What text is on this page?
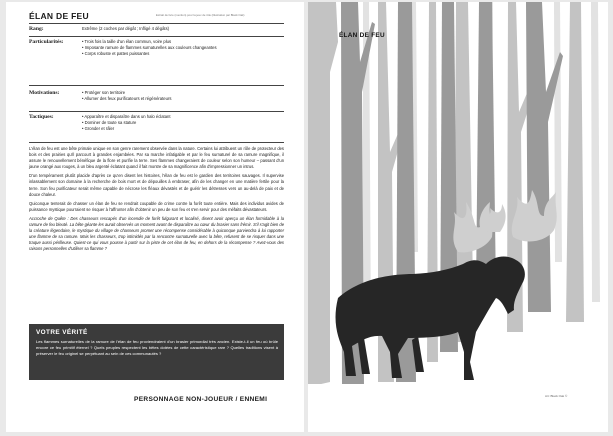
ÉLAN DE FEU	Extrait de livre (mention) pour la jeux de rôle (illustration par Black Oak)
Rang:	Extrême (2 coches par dégât ; Infligé 4 dégâts)
Particularités:	• Trois fois la taille d'un élan commun, voire plus
• Imposante ramure de flammes surnaturelles aux couleurs changeantes
• Corps robuste et pattes puissantes
Motivations:	• Protéger son territoire
• Allumer des feux purificateurs et régénérateurs
Tactiques:	• Apparaître et disparaître dans un halo éclatant
• Dominer de toute sa stature
• Gronder et râler

L'élan de feu est une bête primale unique en son genre rarement observée dans la nature. Certains lui attribuent un rôle de protecteur des bois et des prairies qu'il parcourt à grandes enjambées. Par sa marche infatigable et par le feu surnaturel de sa ramure magnifique, il assure le renouvellement bénéfique de la flore et purifie la terre. Ses flammes changeraient de couleur selon son humeur – passant d'un jaune orangé aux rouges, à un bleu argenté éclatant quand il fait montre de sa magnificence afin d'impressionner un intrus.

D'un tempérament plutôt placide d'après ce qu'en disent les histoires, l'élan de feu est le gardien des territoires sauvages. Il supervise inlassablement son domaine à la recherche de bois mort et de dépouilles à embraser, afin de les changer en une matière fertile pour la terre. Son feu purificateur serait même capable de nécrose les fléaux dévastés et de guérir les détresses vers un au-delà de paix et de douce chaleur.

Quiconque tenterait de chasser un élan de feu se rendrait coupable de crime contre la forêt toute entière. Mais des individus avides de puissance mystique pourraient se risquer à l'affronter afin d'obtenir un peu de son feu et s'en servir pour des méfaits dévastateurs.

Accroche de Quête : Des chasseurs rescapés d'un incendie de forêt fulgurant et localisé, disent avoir aperçu un élan formidable à la ramure de feu bleuté. La bête géante les aurait observés un moment avant de disparaître au cœur du brasier sans frémir. S'il s'agit bien de la créature légendaire, le mystique du village de chasseurs promet une récompense considérable à quiconque parviendra à lui rapporter une flamme de sa ramure. Mais les chasseurs, trop intimidés par la rencontre surnaturelle avec la bête, refusent de se risquer dans une traque aussi périlleuse. Quiest-ce qui vous pousse à partir sur la piste de cet élan de feu, en dehors de la récompense ? Avez-vous des raisons personnelles d'utiliser sa flamme ?

VOTRE VÉRITÉ
Les flammes surnaturelles de la ramure de l'élan de feu proviendraient d'un brasier primordial très ancien. Existe-t-il un feu où brûle encore ce feu primitif éternel ? Quels peuples respectent les bêtes dotées de cette caractéristique rare ? Quelles traditions visent à préserver le feu originel se perpétuant au sein de ces communautés ?
PERSONNAGE NON-JOUEUR / ENNEMI
ÉLAN DE FEU
Art: Black Oak ©
